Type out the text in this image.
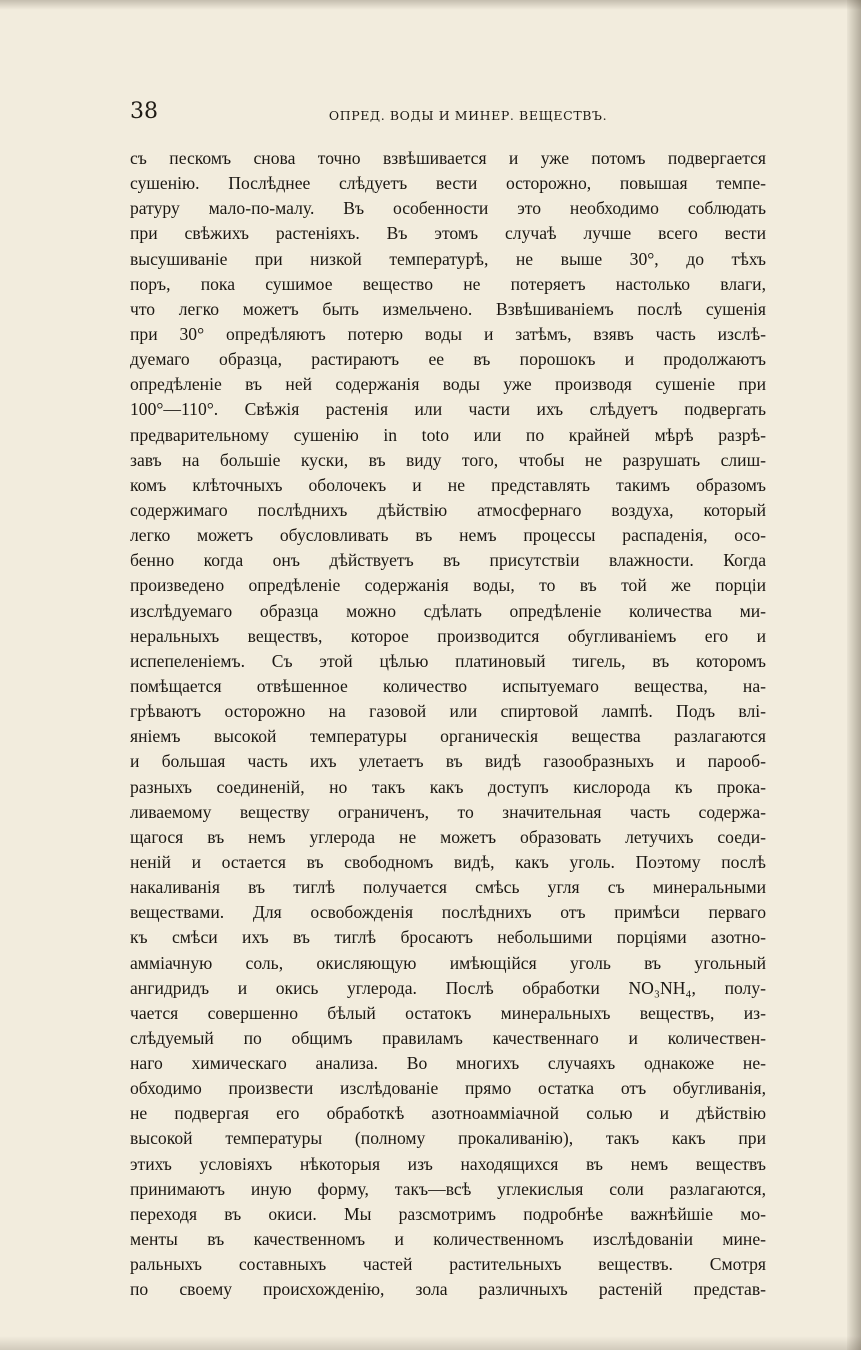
38	ОПРЕД. ВОДЫ И МИНЕР. ВЕЩЕСТВЪ.
съ пескомъ снова точно взвѣшивается и уже потомъ подвергается
сушенію. Послѣднее слѣдуетъ вести осторожно, повышая темпе-
ратуру мало-по-малу. Въ особенности это необходимо соблюдать
при свѣжихъ растеніяхъ. Въ этомъ случаѣ лучше всего вести
высушиваніе при низкой температурѣ, не выше 30°, до тѣхъ
поръ, пока сушимое вещество не потеряетъ настолько влаги,
что легко можетъ быть измельчено. Взвѣшиваніемъ послѣ сушенія
при 30° опредѣляютъ потерю воды и затѣмъ, взявъ часть изслѣ-
дуемаго образца, растираютъ ее въ порошокъ и продолжаютъ
опредѣленіе въ ней содержанія воды уже производя сушеніе при
100°—110°. Свѣжія растенія или части ихъ слѣдуетъ подвергать
предварительному сушенію in toto или по крайней мѣрѣ разрѣ-
завъ на большіе куски, въ виду того, чтобы не разрушать слиш-
комъ клѣточныхъ оболочекъ и не представлять такимъ образомъ
содержимаго послѣднихъ дѣйствію атмосфернаго воздуха, который
легко можетъ обусловливать въ немъ процессы распаденія, осо-
бенно когда онъ дѣйствуетъ въ присутствіи влажности. Когда
произведено опредѣленіе содержанія воды, то въ той же порціи
изслѣдуемаго образца можно сдѣлать опредѣленіе количества ми-
неральныхъ веществъ, которое производится обугливаніемъ его и
испепеленіемъ. Съ этой цѣлью платиновый тигель, въ которомъ
помѣщается отвѣшенное количество испытуемаго вещества, на-
грѣваютъ осторожно на газовой или спиртовой лампѣ. Подъ влі-
яніемъ высокой температуры органическія вещества разлагаются
и большая часть ихъ улетаетъ въ видѣ газообразныхъ и парооб-
разныхъ соединеній, но такъ какъ доступъ кислорода къ прока-
ливаемому веществу ограниченъ, то значительная часть содержа-
щагося въ немъ углерода не можетъ образовать летучихъ соеди-
неній и остается въ свободномъ видѣ, какъ уголь. Поэтому послѣ
накаливанія въ тиглѣ получается смѣсь угля съ минеральными
веществами. Для освобожденія послѣднихъ отъ примѣси перваго
къ смѣси ихъ въ тиглѣ бросаютъ небольшими порціями азотно-
амміачную соль, окисляющую имѣющійся уголь въ угольный
ангидридъ и окись углерода. Послѣ обработки NO₃NH₄, полу-
чается совершенно бѣлый остатокъ минеральныхъ веществъ, из-
слѣдуемый по общимъ правиламъ качественнаго и количествен-
наго химическаго анализа. Во многихъ случаяхъ однакоже не-
обходимо произвести изслѣдованіе прямо остатка отъ обугливанія,
не подвергая его обработкѣ азотноамміачной солью и дѣйствію
высокой температуры (полному прокаливанію), такъ какъ при
этихъ условіяхъ нѣкоторыя изъ находящихся въ немъ веществъ
принимаютъ иную форму, такъ—всѣ углекислыя соли разлагаются,
переходя въ окиси. Мы разсмотримъ подробнѣе важнѣйшіе мо-
менты въ качественномъ и количественномъ изслѣдованіи мине-
ральныхъ составныхъ частей растительныхъ веществъ. Смотря
по своему происхожденію, зола различныхъ растеній представ-
